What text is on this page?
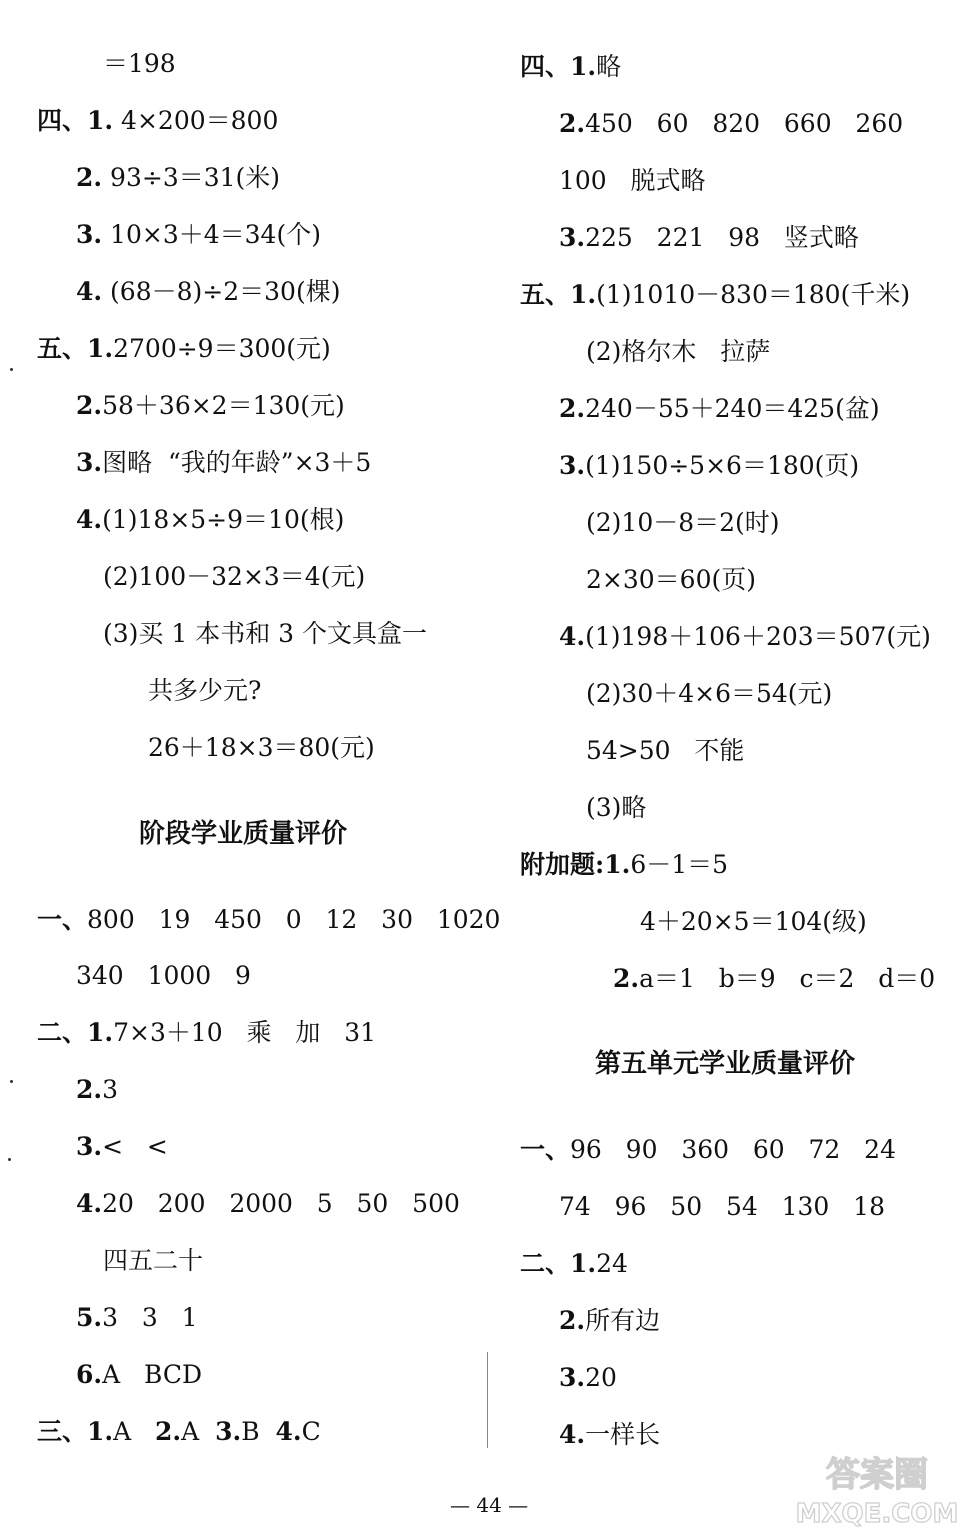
＝198
四、1. 4×200＝800
2. 93÷3＝31(米)
3. 10×3＋4＝34(个)
4. (68－8)÷2＝30(棵)
五、1.2700÷9＝300(元)
2.58＋36×2＝130(元)
3.图略  “我的年龄”×3＋5
4.(1)18×5÷9＝10(根)
(2)100－32×3＝4(元)
(3)买 1 本书和 3 个文具盒一
共多少元?
26＋18×3＝80(元)
阶段学业质量评价
一、800   19   450   0   12   30   1020
340   1000   9
二、1.7×3＋10   乘   加   31
2.3
3.<   <
4.20   200   2000   5   50   500
四五二十
5.3   3   1
6.A   BCD
三、1.A   2.A  3.B  4.C
四、1.略
2.450   60   820   660   260
100   脱式略
3.225   221   98   竖式略
五、1.(1)1010－830＝180(千米)
(2)格尔木   拉萨
2.240－55＋240＝425(盆)
3.(1)150÷5×6＝180(页)
(2)10－8＝2(时)
2×30＝60(页)
4.(1)198＋106＋203＝507(元)
(2)30＋4×6＝54(元)
54>50   不能
(3)略
附加题:1.6－1＝5
4＋20×5＝104(级)
2.a＝1   b＝9   c＝2   d＝0
第五单元学业质量评价
一、96   90   360   60   72   24
74   96   50   54   130   18
二、1.24
2.所有边
3.20
4.一样长
— 44 —
答案圈
MXQE.COM
